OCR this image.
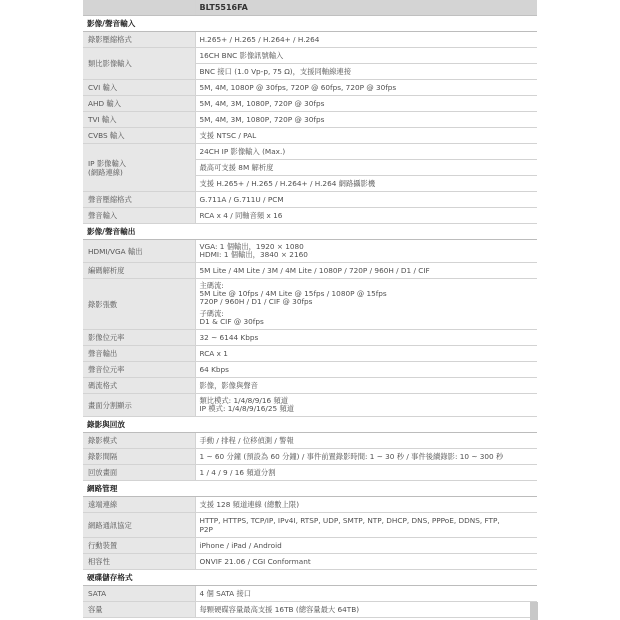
	BLT5516FA
影像/聲音輸入	
錄影壓縮格式	H.265+ / H.265 / H.264+ / H.264

類比影像輸入	16CH BNC 影像訊號輸入
	BNC 接口 (1.0 Vp-p, 75 Ω)，支援同軸線連接
CVI 輸入	5M, 4M, 1080P @ 30fps, 720P @ 60fps, 720P @ 30fps

AHD 輸入	5M, 4M, 3M, 1080P, 720P @ 30fps

TVI 輸入	5M, 4M, 3M, 1080P, 720P @ 30fps

CVBS 輸入	支援 NTSC / PAL

IP 影像輸入
(網路連線)	24CH IP 影像輸入 (Max.)
	最高可支援 8M 解析度
	支援 H.265+ / H.265 / H.264+ / H.264 網路攝影機
聲音壓縮格式	G.711A / G.711U / PCM

聲音輸入	RCA x 4 / 同軸音頻 x 16

影像/聲音輸出	
HDMI/VGA 輸出	VGA: 1 個輸出，1920 × 1080
HDMI: 1 個輸出，3840 × 2160

編碼解析度	5M Lite / 4M Lite / 3M / 4M Lite / 1080P / 720P / 960H / D1 / CIF

錄影張數	主碼流:
5M Lite @ 10fps / 4M Lite @ 15fps / 1080P @ 15fps
720P / 960H / D1 / CIF @ 30fps
子碼流:
D1 & CIF @ 30fps

影像位元率	32 ~ 6144 Kbps

聲音輸出	RCA x 1

聲音位元率	64 Kbps

碼流格式	影像，影像與聲音

畫面分割顯示	類比模式: 1/4/8/9/16 頻道
IP 模式: 1/4/8/9/16/25 頻道

錄影與回放	
錄影模式	手動 / 排程 / 位移偵測 / 警報

錄影間隔	1 ~ 60 分鐘 (預設為 60 分鐘) / 事件前置錄影時間: 1 ~ 30 秒 / 事件後續錄影: 10 ~ 300 秒

回放畫面	1 / 4 / 9 / 16 頻道分割

網路管理	
遠端連線	支援 128 頻道連線 (總數上限)

網路通訊協定	HTTP, HTTPS, TCP/IP, IPv4I, RTSP, UDP, SMTP, NTP, DHCP, DNS, PPPoE, DDNS, FTP,
P2P

行動裝置	iPhone / iPad / Android

相容性	ONVIF 21.06 / CGI Conformant

硬碟儲存格式	
SATA	4 個 SATA 接口

容量	每顆硬碟容量最高支援 16TB (總容量最大 64TB)
